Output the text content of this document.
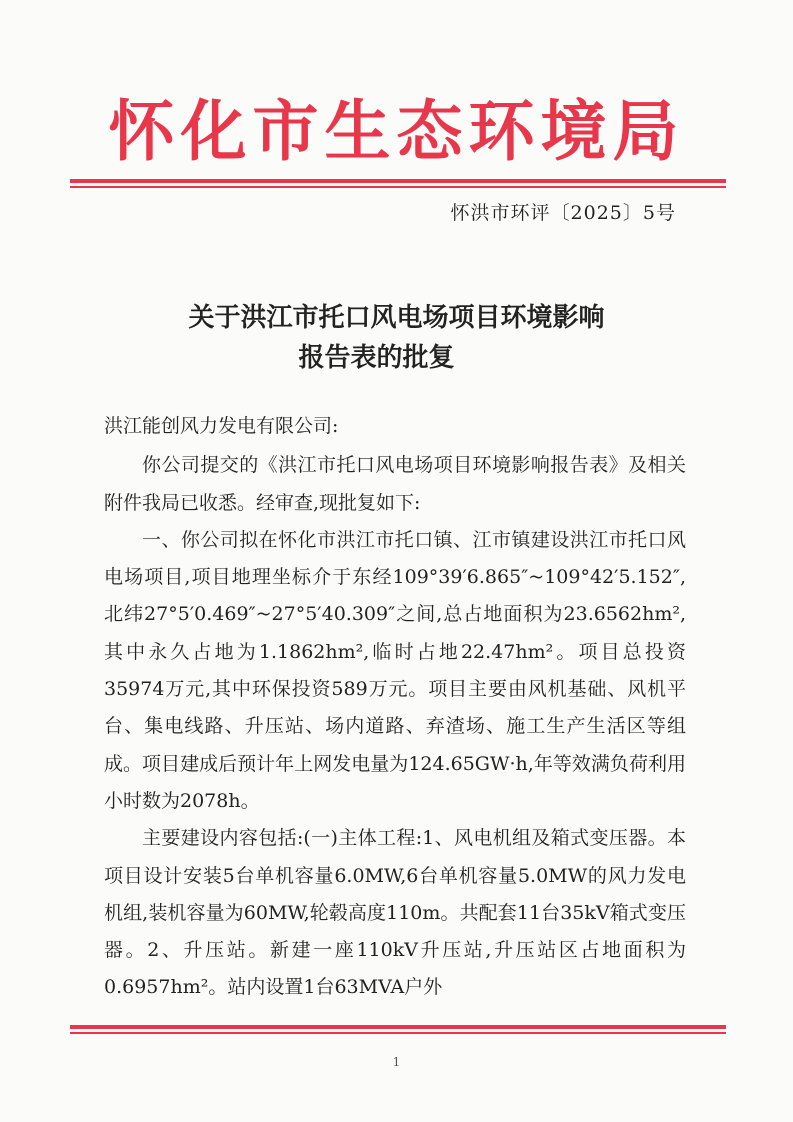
怀化市生态环境局
怀洪市环评〔2025〕5号
关于洪江市托口风电场项目环境影响
报告表的批复

洪江能创风力发电有限公司:

你公司提交的《洪江市托口风电场项目环境影响报告表》及相关附件我局已收悉。经审查,现批复如下:

一、你公司拟在怀化市洪江市托口镇、江市镇建设洪江市托口风电场项目,项目地理坐标介于东经109°39′6.865″~109°42′5.152″,北纬27°5′0.469″~27°5′40.309″之间,总占地面积为23.6562hm²,其中永久占地为1.1862hm²,临时占地22.47hm²。项目总投资35974万元,其中环保投资589万元。项目主要由风机基础、风机平台、集电线路、升压站、场内道路、弃渣场、施工生产生活区等组成。项目建成后预计年上网发电量为124.65GW·h,年等效满负荷利用小时数为2078h。

主要建设内容包括:(一)主体工程:1、风电机组及箱式变压器。本项目设计安装5台单机容量6.0MW,6台单机容量5.0MW的风力发电机组,装机容量为60MW,轮毂高度110m。共配套11台35kV箱式变压器。2、升压站。新建一座110kV升压站,升压站区占地面积为0.6957hm²。站内设置1台63MVA户外

1
